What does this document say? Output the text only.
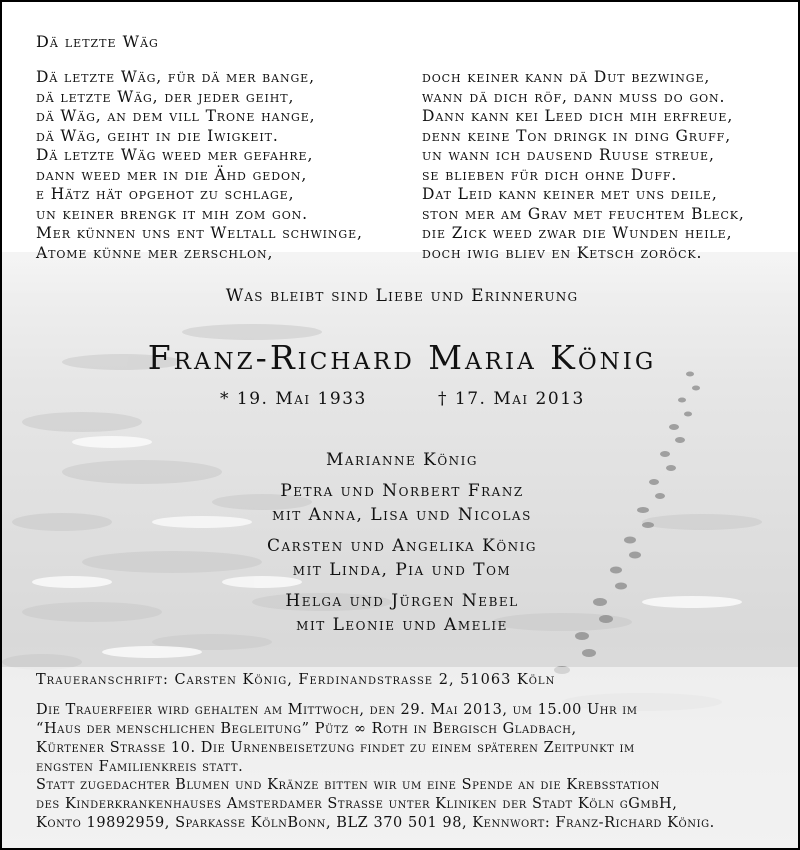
Dä letzte Wäg
Dä letzte Wäg, für dä mer bange,
dä letzte Wäg, der jeder geiht,
dä Wäg, an dem vill Trone hange,
dä Wäg, geiht in die Iwigkeit.
Dä letzte Wäg weed mer gefahre,
dann weed mer in die Ähd gedon,
e Hätz hät opgehot zu schlage,
un keiner brengk it mih zom gon.
Mer künnen uns ent Weltall schwinge,
Atome künne mer zerschlon,
doch keiner kann dä Dut bezwinge,
wann dä dich röf, dann muss do gon.
Dann kann kei Leed dich mih erfreue,
denn keine Ton dringk in ding Gruff,
un wann ich dausend Ruuse streue,
se blieben für dich ohne Duff.
Dat Leid kann keiner met uns deile,
ston mer am Grav met feuchtem Bleck,
die Zick weed zwar die Wunden heile,
doch iwig bliev en Ketsch zoröck.
Was bleibt sind Liebe und Erinnerung
Franz-Richard Maria König
* 19. Mai 1933	† 17. Mai 2013
Marianne König
Petra und Norbert Franz
mit Anna, Lisa und Nicolas
Carsten und Angelika König
mit Linda, Pia und Tom
Helga und Jürgen Nebel
mit Leonie und Amelie
Traueranschrift: Carsten König, Ferdinandstrasse 2, 51063 Köln
Die Trauerfeier wird gehalten am Mittwoch, den 29. Mai 2013, um 15.00 Uhr im
“Haus der menschlichen Begleitung” Pütz ∞ Roth in Bergisch Gladbach,
Kürtener Strasse 10. Die Urnenbeisetzung findet zu einem späteren Zeitpunkt im
engsten Familienkreis statt.
Statt zugedachter Blumen und Kränze bitten wir um eine Spende an die Krebsstation
des Kinderkrankenhauses Amsterdamer Strasse unter Kliniken der Stadt Köln gGmbH,
Konto 19892959, Sparkasse KölnBonn, BLZ 370 501 98, Kennwort: Franz-Richard König.
